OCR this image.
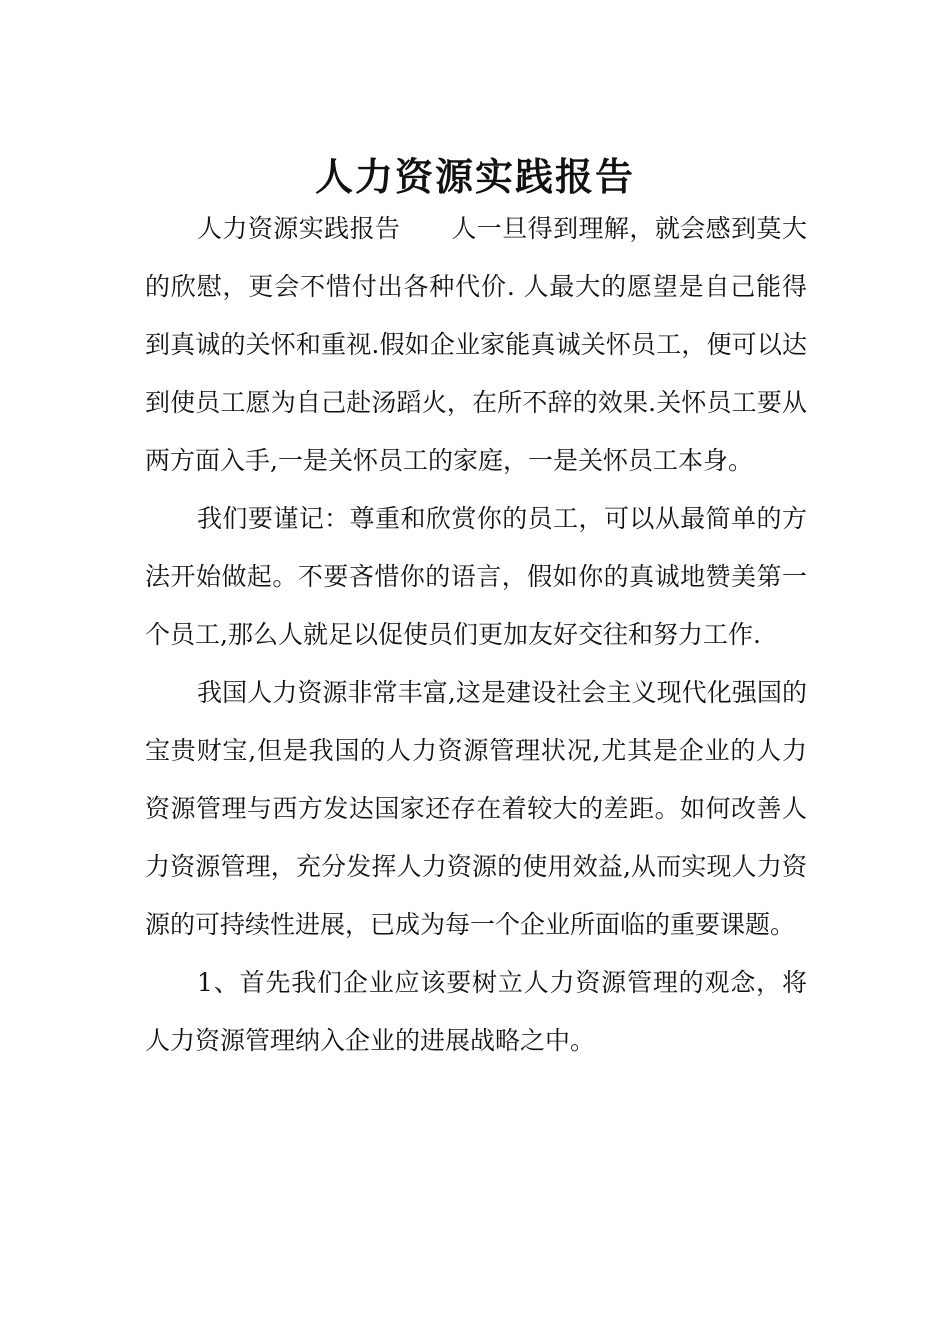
人力资源实践报告

人力资源实践报告　　人一旦得到理解，就会感到莫大的欣慰，更会不惜付出各种代价. 人最大的愿望是自己能得到真诚的关怀和重视.假如企业家能真诚关怀员工，便可以达到使员工愿为自己赴汤蹈火，在所不辞的效果.关怀员工要从两方面入手,一是关怀员工的家庭，一是关怀员工本身。

我们要谨记：尊重和欣赏你的员工，可以从最简单的方法开始做起。不要吝惜你的语言，假如你的真诚地赞美第一个员工,那么人就足以促使员们更加友好交往和努力工作.

我国人力资源非常丰富,这是建设社会主义现代化强国的宝贵财宝,但是我国的人力资源管理状况,尤其是企业的人力资源管理与西方发达国家还存在着较大的差距。如何改善人力资源管理，充分发挥人力资源的使用效益,从而实现人力资源的可持续性进展，已成为每一个企业所面临的重要课题。

1、首先我们企业应该要树立人力资源管理的观念，将人力资源管理纳入企业的进展战略之中。
